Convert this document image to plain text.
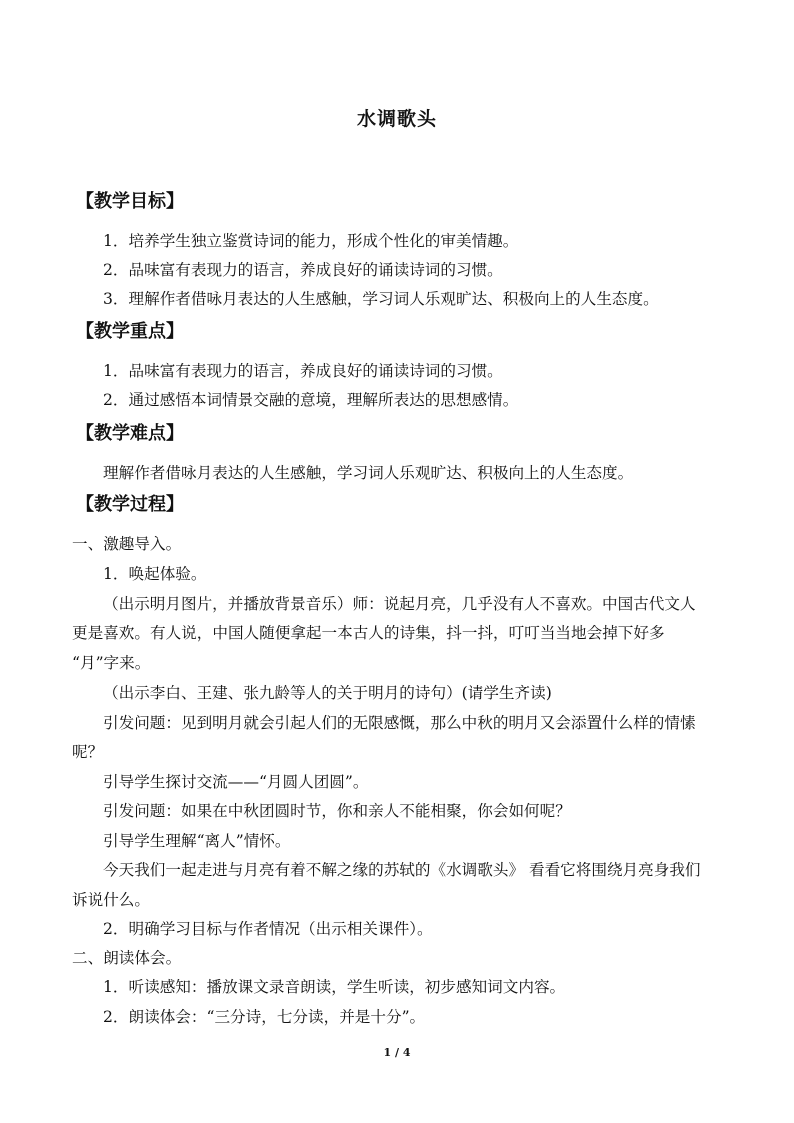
水调歌头
【教学目标】
1．培养学生独立鉴赏诗词的能力，形成个性化的审美情趣。
2．品味富有表现力的语言，养成良好的诵读诗词的习惯。
3．理解作者借咏月表达的人生感触，学习词人乐观旷达、积极向上的人生态度。
【教学重点】
1．品味富有表现力的语言，养成良好的诵读诗词的习惯。
2．通过感悟本词情景交融的意境，理解所表达的思想感情。
【教学难点】
理解作者借咏月表达的人生感触，学习词人乐观旷达、积极向上的人生态度。
【教学过程】
一、激趣导入。
1．唤起体验。
（出示明月图片，并播放背景音乐）师：说起月亮，几乎没有人不喜欢。中国古代文人
更是喜欢。有人说，中国人随便拿起一本古人的诗集，抖一抖，叮叮当当地会掉下好多
“月”字来。
（出示李白、王建、张九龄等人的关于明月的诗句）(请学生齐读)
引发问题：见到明月就会引起人们的无限感慨，那么中秋的明月又会添置什么样的情愫
呢？
引导学生探讨交流——“月圆人团圆”。
引发问题：如果在中秋团圆时节，你和亲人不能相聚，你会如何呢？
引导学生理解“离人”情怀。
今天我们一起走进与月亮有着不解之缘的苏轼的《水调歌头》 看看它将围绕月亮身我们
诉说什么。
2．明确学习目标与作者情况（出示相关课件）。
二、朗读体会。
1．听读感知：播放课文录音朗读，学生听读，初步感知词文内容。
2．朗读体会：“三分诗，七分读，并是十分”。
1 / 4
